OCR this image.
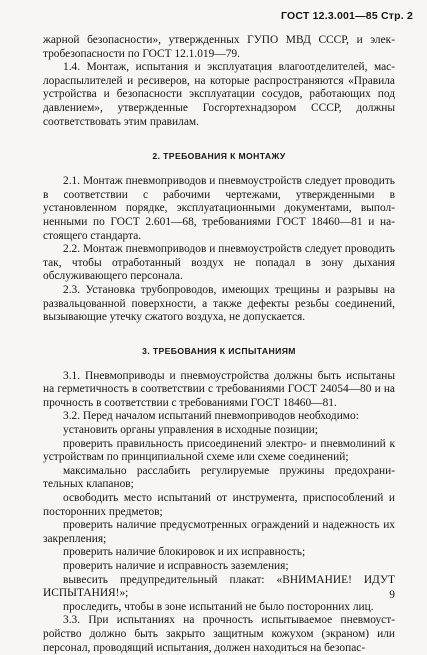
ГОСТ 12.3.001—85 Стр. 2

жарной безопасности», утвержденных ГУПО МВД СССР, и электробезопасности по ГОСТ 12.1.019—79.

1.4. Монтаж, испытания и эксплуатация влагоотделителей, маслораспылителей и ресиверов, на которые распространяются «Правила устройства и безопасности эксплуатации сосудов, работающих под давлением», утвержденные Госгортехнадзором СССР, должны соответствовать этим правилам.

2. ТРЕБОВАНИЯ К МОНТАЖУ

2.1. Монтаж пневмоприводов и пневмоустройств следует проводить в соответствии с рабочими чертежами, утвержденными в установленном порядке, эксплуатационными документами, выполненными по ГОСТ 2.601—68, требованиями ГОСТ 18460—81 и настоящего стандарта.

2.2. Монтаж пневмоприводов и пневмоустройств следует проводить так, чтобы отработанный воздух не попадал в зону дыхания обслуживающего персонала.

2.3. Установка трубопроводов, имеющих трещины и разрывы на развальцованной поверхности, а также дефекты резьбы соединений, вызывающие утечку сжатого воздуха, не допускается.

3. ТРЕБОВАНИЯ К ИСПЫТАНИЯМ

3.1. Пневмоприводы и пневмоустройства должны быть испытаны на герметичность в соответствии с требованиями ГОСТ 24054—80 и на прочность в соответствии с требованиями ГОСТ 18460—81.

3.2. Перед началом испытаний пневмоприводов необходимо:

установить органы управления в исходные позиции;

проверить правильность присоединений электро- и пневмолиний к устройствам по принципиальной схеме или схеме соединений;

максимально расслабить регулируемые пружины предохранительных клапанов;

освободить место испытаний от инструмента, приспособлений и посторонних предметов;

проверить наличие предусмотренных ограждений и надежность их закрепления;

проверить наличие блокировок и их исправность;

проверить наличие и исправность заземления;

вывесить предупредительный плакат: «ВНИМАНИЕ! ИДУТ ИСПЫТАНИЯ!»;

проследить, чтобы в зоне испытаний не было посторонних лиц.

3.3. При испытаниях на прочность испытываемое пневмоустройство должно быть закрыто защитным кожухом (экраном) или персонал, проводящий испытания, должен находиться на безопас-

9
